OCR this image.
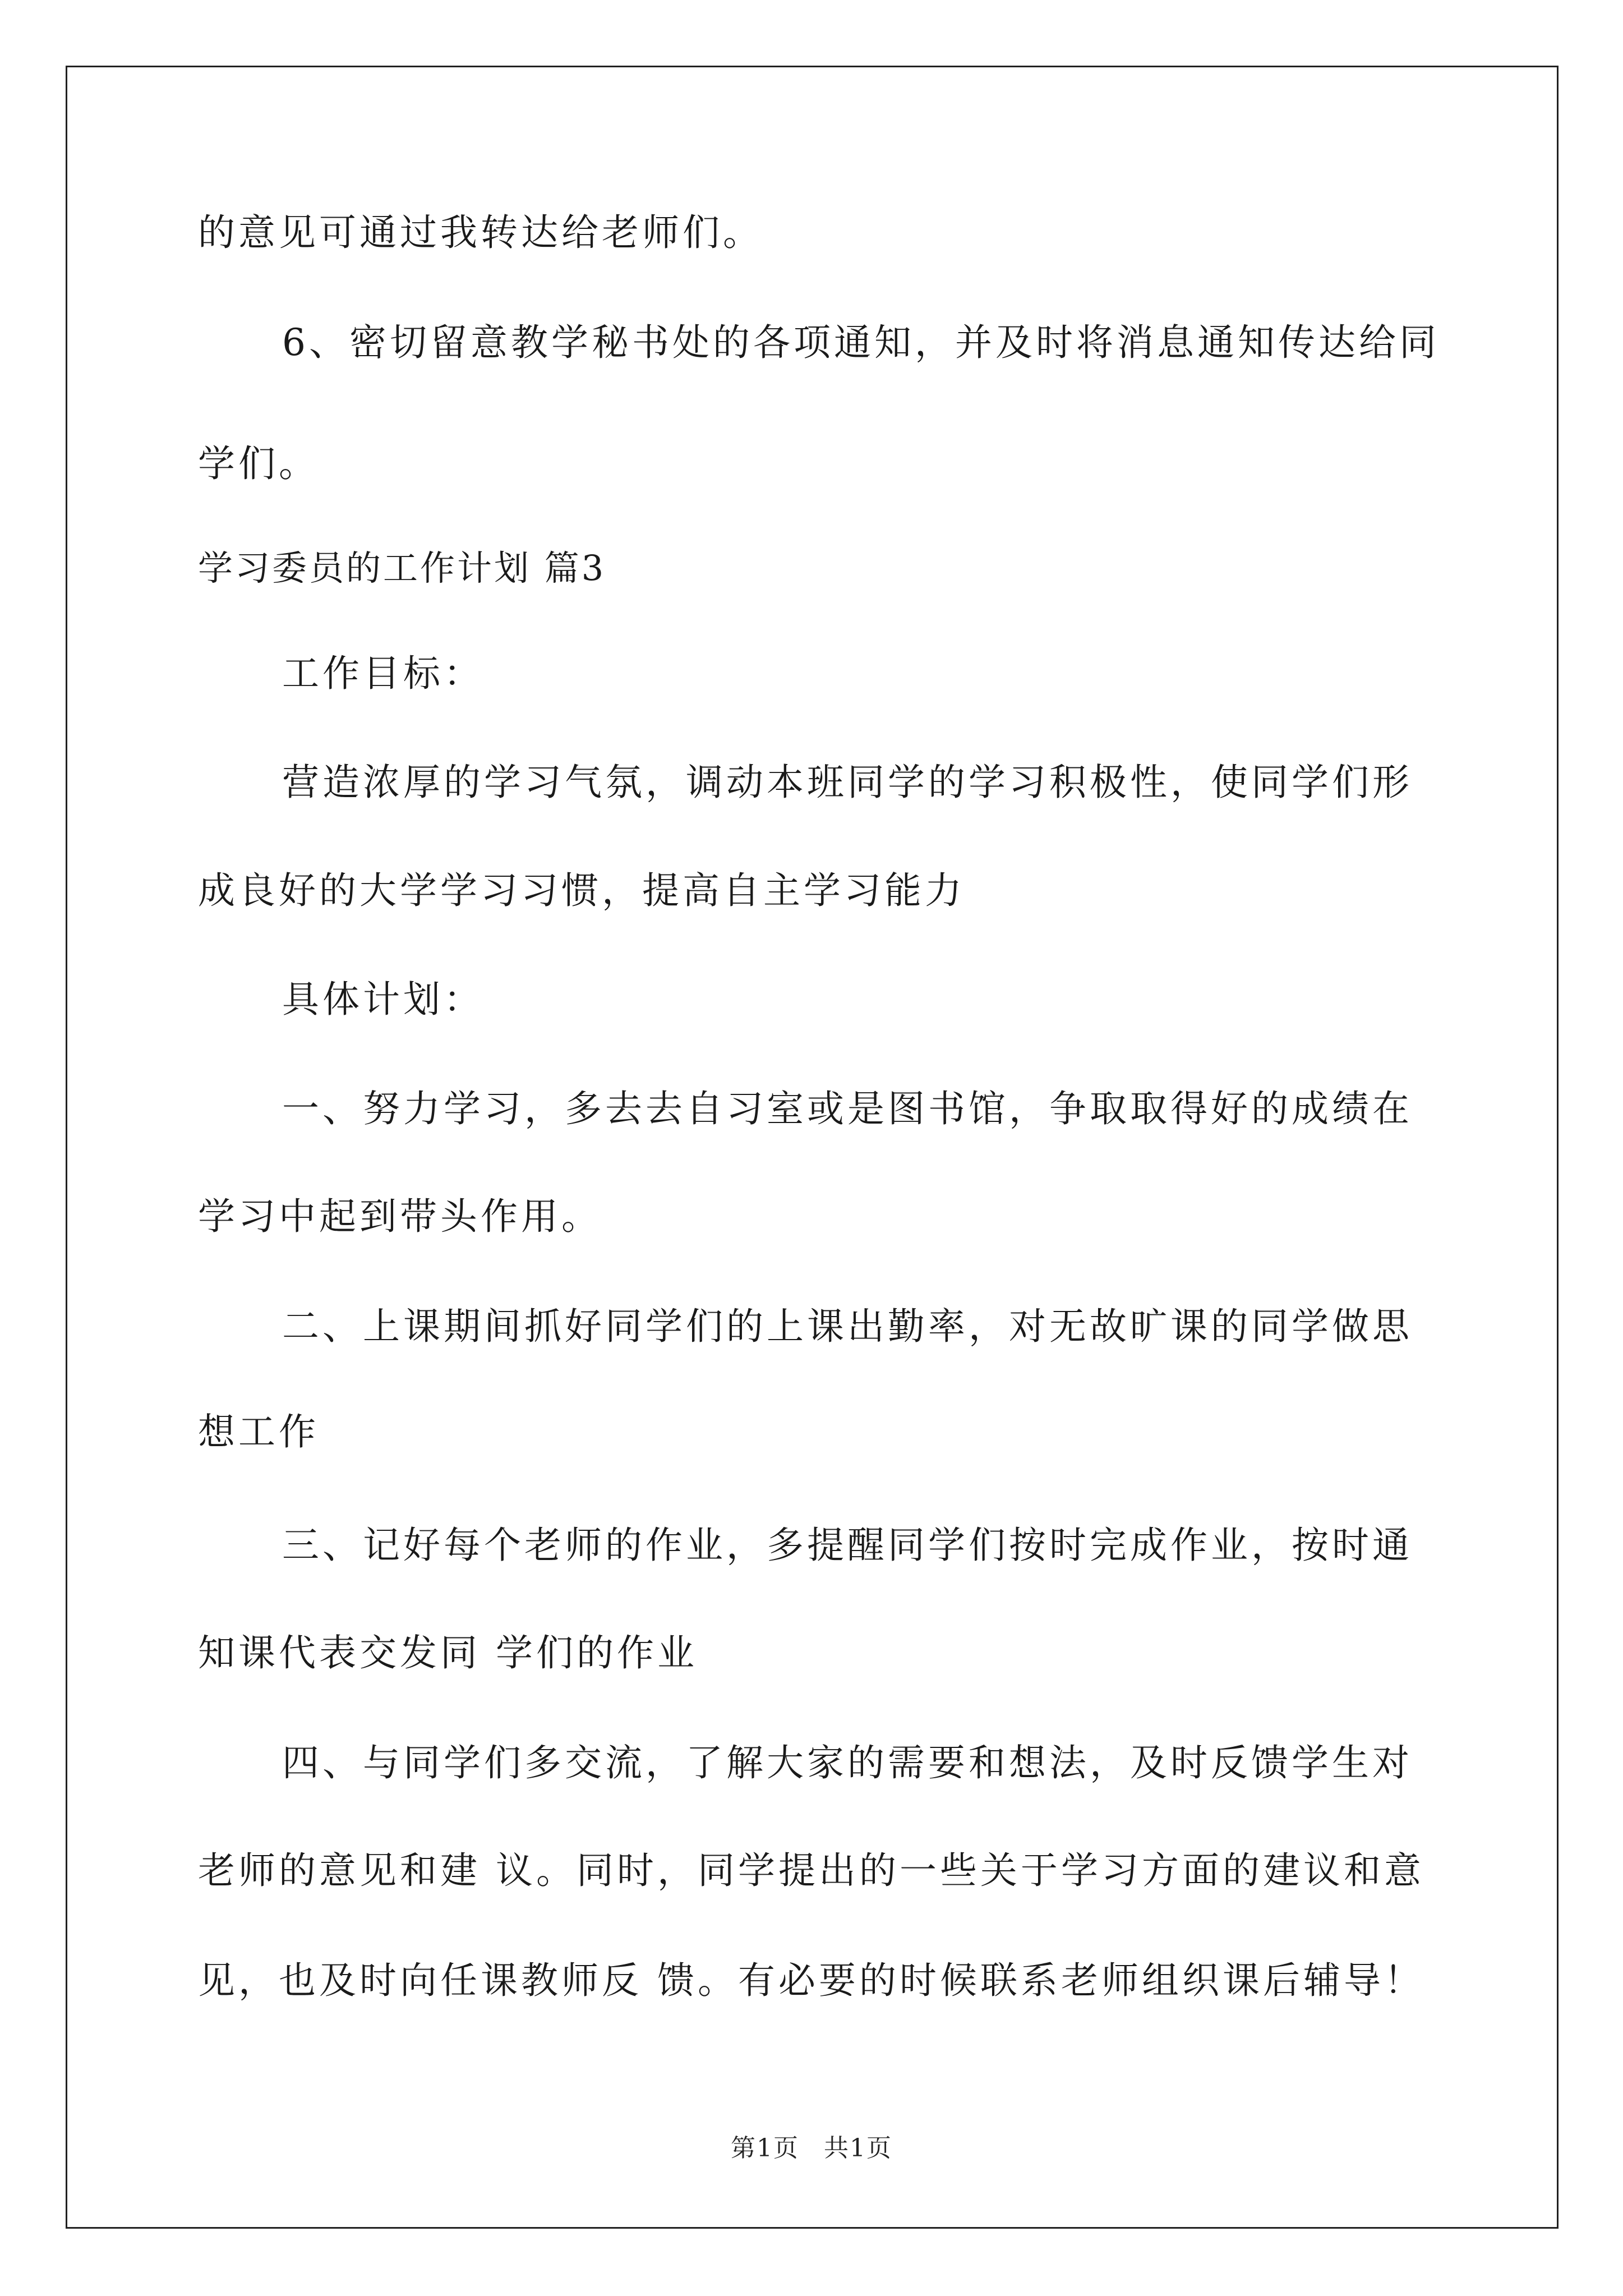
的意见可通过我转达给老师们。
6、密切留意教学秘书处的各项通知，并及时将消息通知传达给同
学们。
学习委员的工作计划 篇3
工作目标：
营造浓厚的学习气氛，调动本班同学的学习积极性，使同学们形
成良好的大学学习习惯，提高自主学习能力
具体计划：
一、努力学习，多去去自习室或是图书馆，争取取得好的成绩在
学习中起到带头作用。
二、上课期间抓好同学们的上课出勤率，对无故旷课的同学做思
想工作
三、记好每个老师的作业，多提醒同学们按时完成作业，按时通
知课代表交发同 学们的作业
四、与同学们多交流，了解大家的需要和想法，及时反馈学生对
老师的意见和建 议。同时，同学提出的一些关于学习方面的建议和意
见，也及时向任课教师反 馈。有必要的时候联系老师组织课后辅导！
第1页 共1页
